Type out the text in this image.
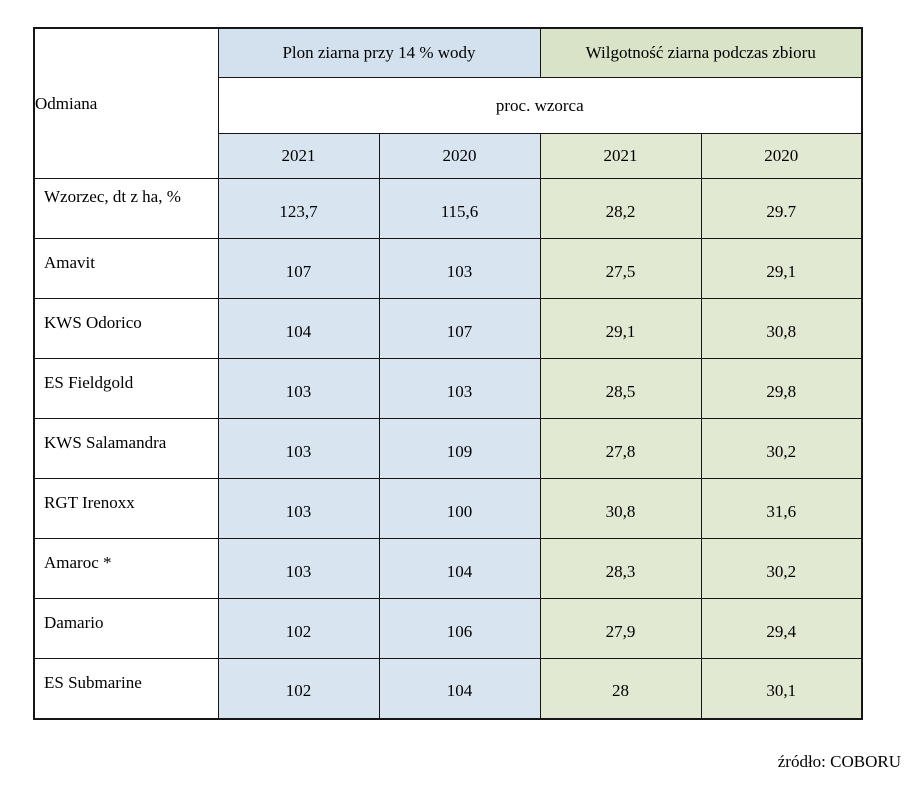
Odmiana	Plon ziarna przy 14 % wody		Wilgotność ziarna podczas zbioru	
	proc. wzorca			
	2021	2020	2021	2020
Wzorzec, dt z ha, %	123,7	115,6	28,2	29.7
Amavit	107	103	27,5	29,1
KWS Odorico	104	107	29,1	30,8
ES Fieldgold	103	103	28,5	29,8
KWS Salamandra	103	109	27,8	30,2
RGT Irenoxx	103	100	30,8	31,6
Amaroc *	103	104	28,3	30,2
Damario	102	106	27,9	29,4
ES Submarine	102	104	28	30,1
źródło: COBORU
